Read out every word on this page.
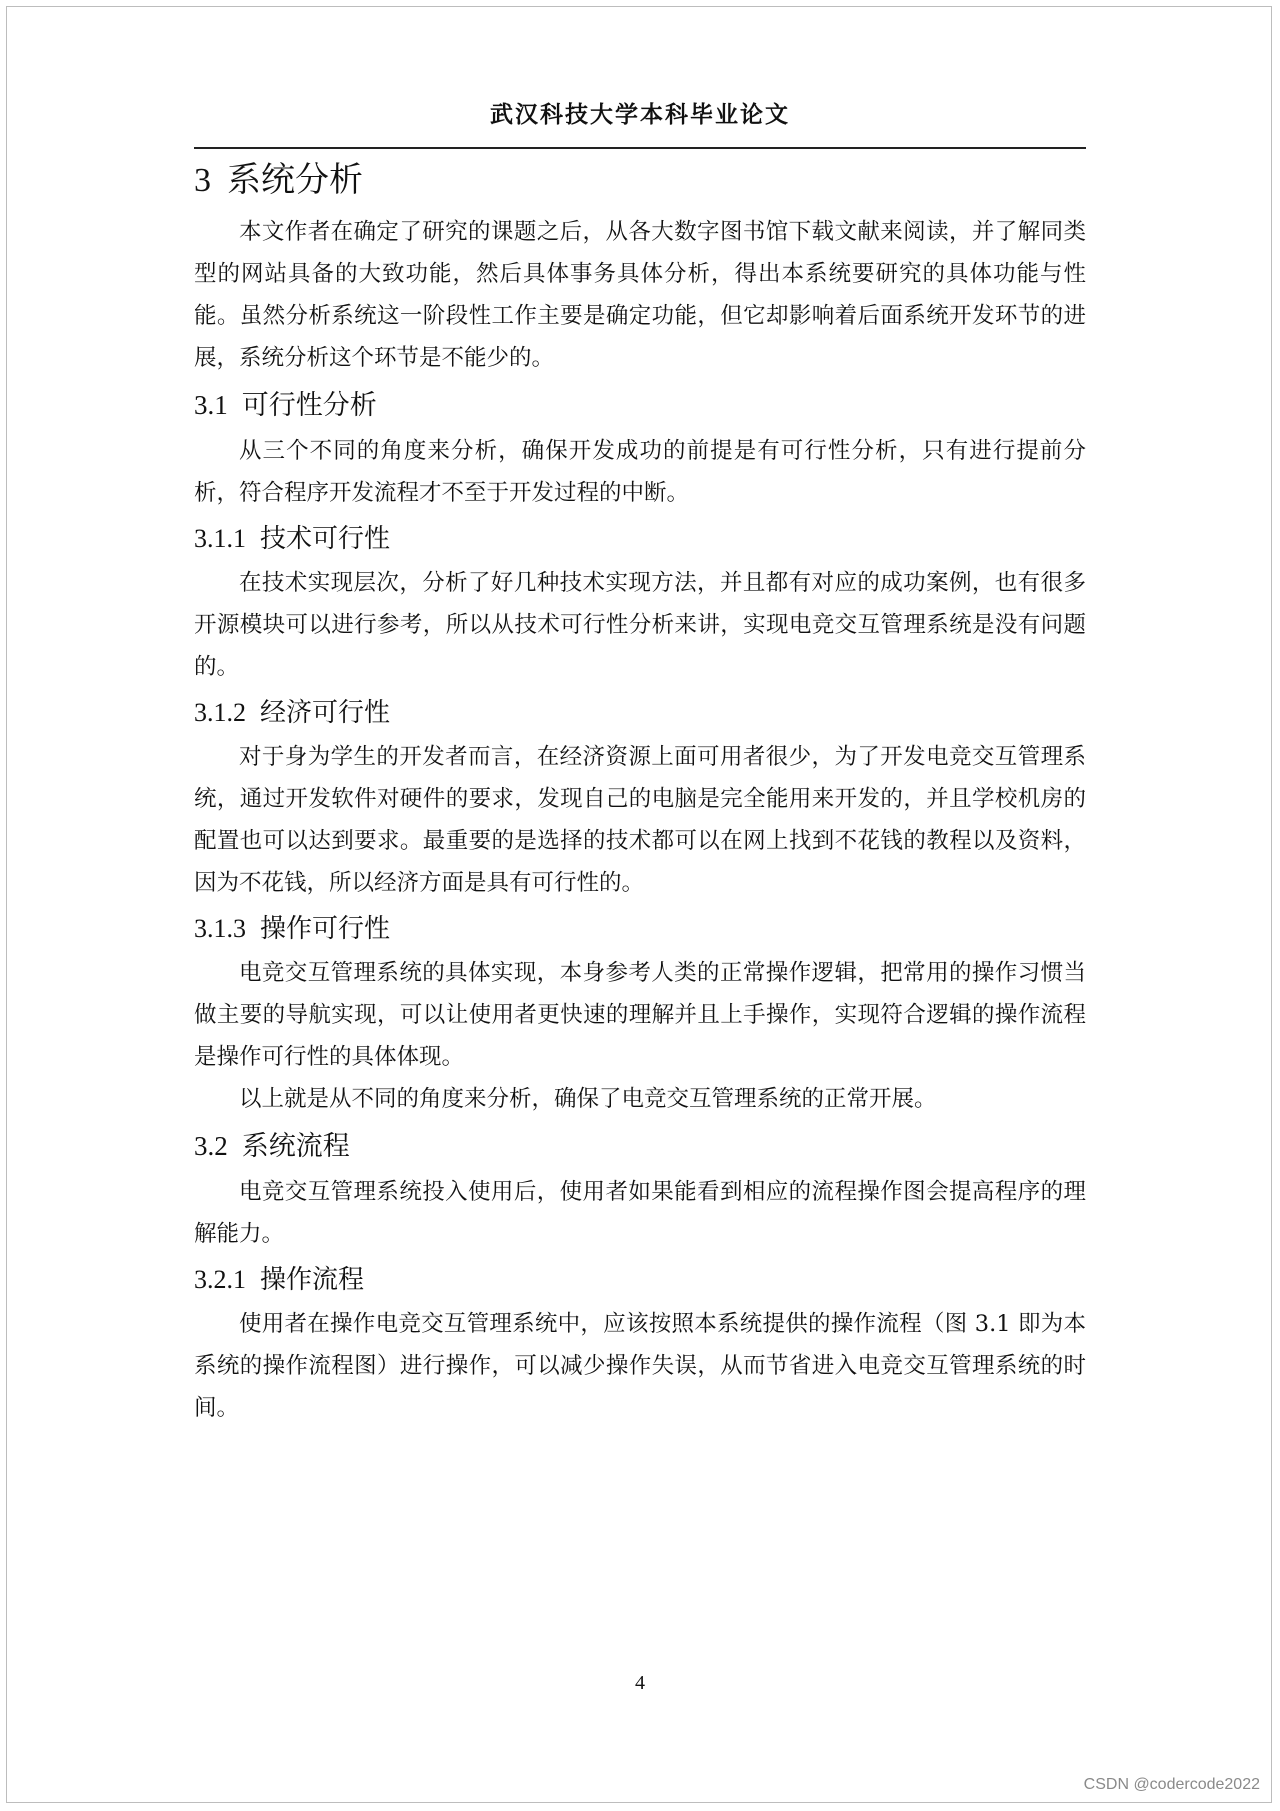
武汉科技大学本科毕业论文
3 系统分析

本文作者在确定了研究的课题之后，从各大数字图书馆下载文献来阅读，并了解同类型的网站具备的大致功能，然后具体事务具体分析，得出本系统要研究的具体功能与性能。虽然分析系统这一阶段性工作主要是确定功能，但它却影响着后面系统开发环节的进展，系统分析这个环节是不能少的。

3.1 可行性分析

从三个不同的角度来分析，确保开发成功的前提是有可行性分析，只有进行提前分析，符合程序开发流程才不至于开发过程的中断。

3.1.1 技术可行性

在技术实现层次，分析了好几种技术实现方法，并且都有对应的成功案例，也有很多开源模块可以进行参考，所以从技术可行性分析来讲，实现电竞交互管理系统是没有问题的。

3.1.2 经济可行性

对于身为学生的开发者而言，在经济资源上面可用者很少，为了开发电竞交互管理系统，通过开发软件对硬件的要求，发现自己的电脑是完全能用来开发的，并且学校机房的配置也可以达到要求。最重要的是选择的技术都可以在网上找到不花钱的教程以及资料，因为不花钱，所以经济方面是具有可行性的。

3.1.3 操作可行性

电竞交互管理系统的具体实现，本身参考人类的正常操作逻辑，把常用的操作习惯当做主要的导航实现，可以让使用者更快速的理解并且上手操作，实现符合逻辑的操作流程是操作可行性的具体体现。

以上就是从不同的角度来分析，确保了电竞交互管理系统的正常开展。

3.2 系统流程

电竞交互管理系统投入使用后，使用者如果能看到相应的流程操作图会提高程序的理解能力。

3.2.1 操作流程

使用者在操作电竞交互管理系统中，应该按照本系统提供的操作流程（图 3.1 即为本系统的操作流程图）进行操作，可以减少操作失误，从而节省进入电竞交互管理系统的时间。

4
CSDN @codercode2022
